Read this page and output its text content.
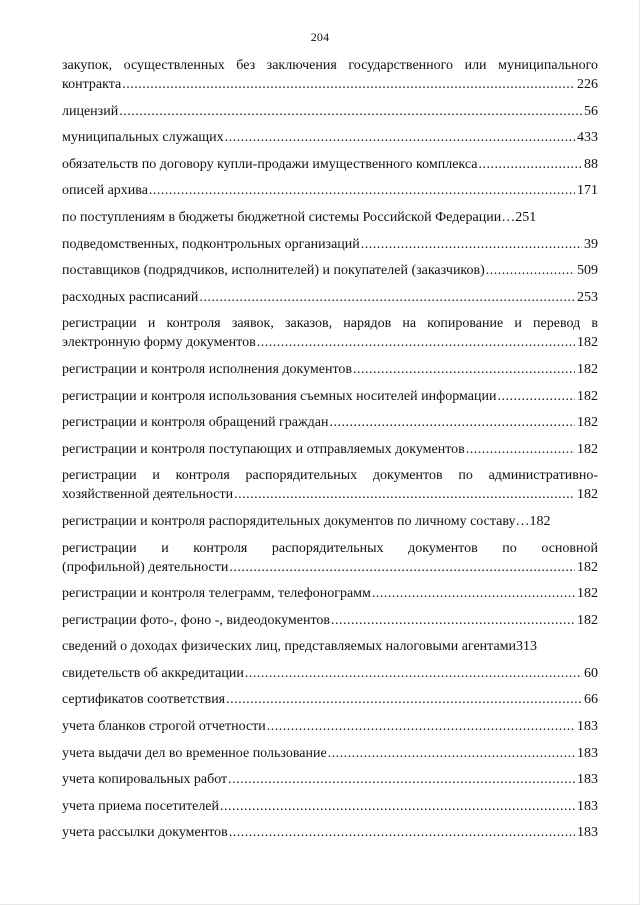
204
закупок, осуществленных без заключения государственного или муниципального
контракта .....	226
лицензий .....	56
муниципальных служащих .....	433
обязательств по договору купли-продажи имущественного комплекса .....	88
описей архива .....	171
по поступлениям в бюджеты бюджетной системы Российской Федерации…251
подведомственных, подконтрольных организаций .....	39
поставщиков (подрядчиков, исполнителей) и покупателей (заказчиков) .....	509
расходных расписаний .....	253
регистрации и контроля заявок, заказов, нарядов на копирование и перевод в
электронную форму документов .....	182
регистрации и контроля исполнения документов .....	182
регистрации и контроля использования съемных носителей информации .....	182
регистрации и контроля обращений граждан .....	182
регистрации и контроля поступающих и отправляемых документов .....	182
регистрации и контроля распорядительных документов по административно-
хозяйственной деятельности .....	182
регистрации и контроля распорядительных документов по личному составу…182
регистрации и контроля распорядительных документов по основной
(профильной) деятельности .....	182
регистрации и контроля телеграмм, телефонограмм .....	182
регистрации фото-, фоно -, видеодокументов .....	182
сведений о доходах физических лиц, представляемых налоговыми агентами313
свидетельств об аккредитации .....	60
сертификатов соответствия .....	66
учета бланков строгой отчетности .....	183
учета выдачи дел во временное пользование .....	183
учета копировальных работ .....	183
учета приема посетителей .....	183
учета рассылки документов .....	183
